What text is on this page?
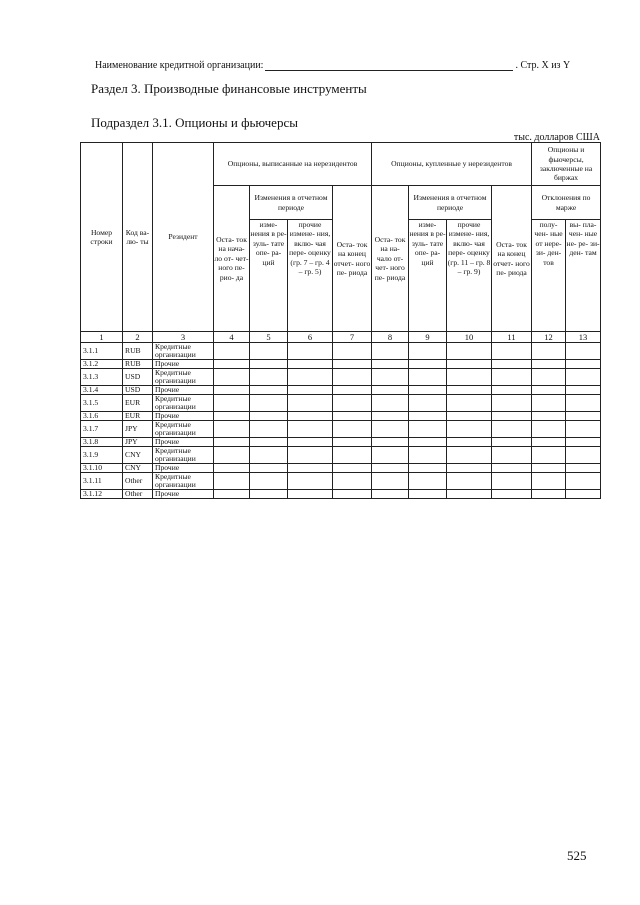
Наименование кредитной организации:	. Стр. X из Y
Раздел 3. Производные финансовые инструменты
Подраздел 3.1. Опционы и фьючерсы
тыс. долларов США
Номер строки	Код ва- лю- ты	Резидент	Опционы, выписанные на нерезидентов				Опционы, купленные у нерезидентов				Опционы и фьючерсы, заключенные на биржах	
			Оста- ток на нача- ло от- чет- ного пе- рио- да	Изменения в отчетном периоде		Оста- ток на конец отчет- ного пе- риода	Оста- ток на на- чало от- чет- ного пе- риода	Изменения в отчетном периоде		Оста- ток на конец отчет- ного пе- риода	Отклонения по марже	
				изме- нения в ре- зуль- тате опе- ра- ций	прочие измене- ния, вклю- чая пере- оценку (гр. 7 – гр. 4 – гр. 5)			изме- нения в ре- зуль- тате опе- ра- ций	прочие измене- ния, вклю- чая пере- оценку (гр. 11 – гр. 8 – гр. 9)		полу- чен- ные от нере- зи- ден- тов	вы- пла- чен- ные не- ре- зи- ден- там
1	2	3	4	5	6	7	8	9	10	11	12	13
3.1.1	RUB	Кредитные организации										
3.1.2	RUB	Прочие										
3.1.3	USD	Кредитные организации										
3.1.4	USD	Прочие										
3.1.5	EUR	Кредитные организации										
3.1.6	EUR	Прочие										
3.1.7	JPY	Кредитные организации										
3.1.8	JPY	Прочие										
3.1.9	CNY	Кредитные организации										
3.1.10	CNY	Прочие										
3.1.11	Other	Кредитные организации										
3.1.12	Other	Прочие										
525
